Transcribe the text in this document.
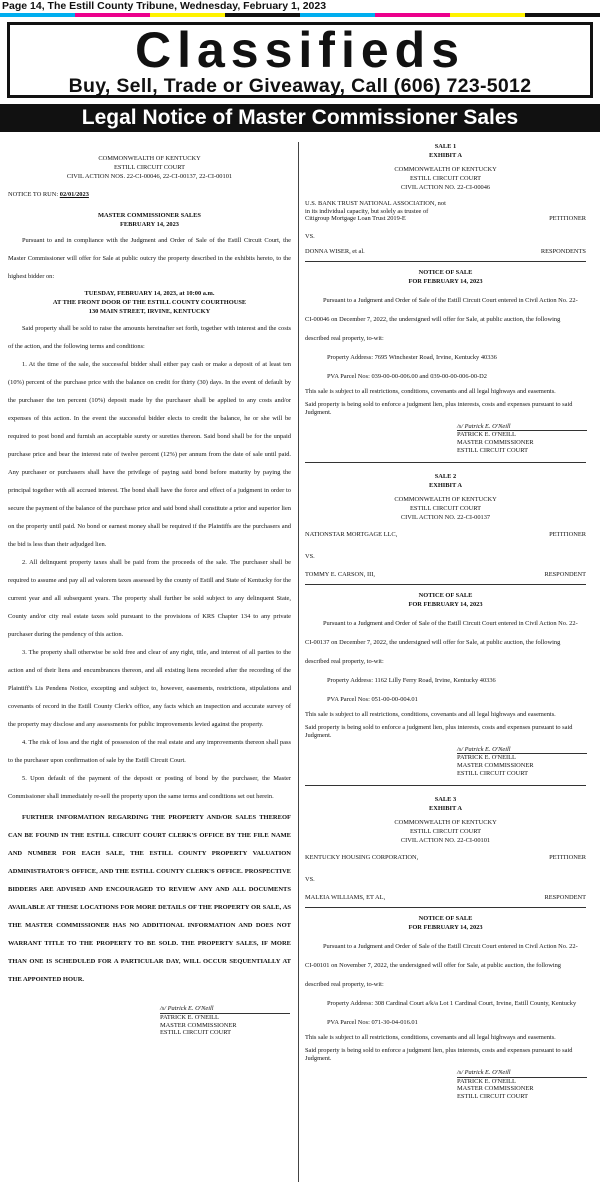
Page 14, The Estill County Tribune, Wednesday, February 1, 2023
Classifieds
Buy, Sell, Trade or Giveaway, Call (606) 723-5012
Legal Notice of Master Commissioner Sales
COMMONWEALTH OF KENTUCKY
ESTILL CIRCUIT COURT
CIVIL ACTION NOS. 22-CI-00046, 22-CI-00137, 22-CI-00101
NOTICE TO RUN: 02/01/2023
MASTER COMMISSIONER SALES
FEBRUARY 14, 2023
Pursuant to and in compliance with the Judgment and Order of Sale of the Estill Circuit Court, the Master Commissioner will offer for Sale at public outcry the property described in the exhibits hereto, to the highest bidder on:
TUESDAY, FEBRUARY 14, 2023, at 10:00 a.m.
AT THE FRONT DOOR OF THE ESTILL COUNTY COURTHOUSE
130 MAIN STREET, IRVINE, KENTUCKY
Said property shall be sold to raise the amounts hereinafter set forth, together with interest and the costs of the action, and the following terms and conditions:
1. At the time of the sale, the successful bidder shall either pay cash or make a deposit of at least ten (10%) percent of the purchase price with the balance on credit for thirty (30) days. In the event of default by the purchaser the ten percent (10%) deposit made by the purchaser shall be applied to any costs and/or expenses of this action. In the event the successful bidder elects to credit the balance, he or she will be required to post bond and furnish an acceptable surety or sureties thereon. Said bond shall be for the unpaid purchase price and bear the interest rate of twelve percent (12%) per annum from the date of sale until paid. Any purchaser or purchasers shall have the privilege of paying said bond before maturity by paying the principal together with all accrued interest. The bond shall have the force and effect of a judgment in order to secure the payment of the balance of the purchase price and said bond shall constitute a prior and superior lien on the property until paid. No bond or earnest money shall be required if the Plaintiffs are the purchasers and the bid is less than their adjudged lien.
2. All delinquent property taxes shall be paid from the proceeds of the sale. The purchaser shall be required to assume and pay all ad valorem taxes assessed by the county of Estill and State of Kentucky for the current year and all subsequent years. The property shall further be sold subject to any delinquent State, County and/or city real estate taxes sold pursuant to the provisions of KRS Chapter 134 to any private purchaser during the pendency of this action.
3. The property shall otherwise be sold free and clear of any right, title, and interest of all parties to the action and of their liens and encumbrances thereon, and all existing liens recorded after the recording of the Plaintiff's Lis Pendens Notice, excepting and subject to, however, easements, restrictions, stipulations and covenants of record in the Estill County Clerk's office, any facts which an inspection and accurate survey of the property may disclose and any assessments for public improvements levied against the property.
4. The risk of loss and the right of possession of the real estate and any improvements thereon shall pass to the purchaser upon confirmation of sale by the Estill Circuit Court.
5. Upon default of the payment of the deposit or posting of bond by the purchaser, the Master Commissioner shall immediately re-sell the property upon the same terms and conditions set out herein.
FURTHER INFORMATION REGARDING THE PROPERTY AND/OR SALES THEREOF CAN BE FOUND IN THE ESTILL CIRCUIT COURT CLERK'S OFFICE BY THE FILE NAME AND NUMBER FOR EACH SALE, THE ESTILL COUNTY PROPERTY VALUATION ADMINISTRATOR'S OFFICE, AND THE ESTILL COUNTY CLERK'S OFFICE. PROSPECTIVE BIDDERS ARE ADVISED AND ENCOURAGED TO REVIEW ANY AND ALL DOCUMENTS AVAILABLE AT THESE LOCATIONS FOR MORE DETAILS OF THE PROPERTY OR SALE, AS THE MASTER COMMISSIONER HAS NO ADDITIONAL INFORMATION AND DOES NOT WARRANT TITLE TO THE PROPERTY TO BE SOLD. THE PROPERTY SALES, IF MORE THAN ONE IS SCHEDULED FOR A PARTICULAR DAY, WILL OCCUR SEQUENTIALLY AT THE APPOINTED HOUR.
/s/ Patrick E. O'Neill
PATRICK E. O'NEILL
MASTER COMMISSIONER
ESTILL CIRCUIT COURT
SALE 1
EXHIBIT A
COMMONWEALTH OF KENTUCKY
ESTILL CIRCUIT COURT
CIVIL ACTION NO. 22-CI-00046
U.S. BANK TRUST NATIONAL ASSOCIATION, not
in its individual capacity, but solely as trustee of
Citigroup Mortgage Loan Trust 2019-E	PETITIONER
VS.
DONNA WISER, et al.	RESPONDENTS
NOTICE OF SALE
FOR FEBRUARY 14, 2023
Pursuant to a Judgment and Order of Sale of the Estill Circuit Court entered in Civil Action No. 22-CI-00046 on December 7, 2022, the undersigned will offer for Sale, at public auction, the following described real property, to-wit:
Property Address: 7695 Winchester Road, Irvine, Kentucky 40336
PVA Parcel Nos: 039-00-00-006.00 and 039-00-00-006-00-D2
This sale is subject to all restrictions, conditions, covenants and all legal highways and easements.
Said property is being sold to enforce a judgment lien, plus interests, costs and expenses pursuant to said Judgment.
/s/ Patrick E. O'Neill
PATRICK E. O'NEILL
MASTER COMMISSIONER
ESTILL CIRCUIT COURT
SALE 2
EXHIBIT A
COMMONWEALTH OF KENTUCKY
ESTILL CIRCUIT COURT
CIVIL ACTION NO. 22-CI-00137
NATIONSTAR MORTGAGE LLC,	PETITIONER
VS.
TOMMY E. CARSON, III,	RESPONDENT
NOTICE OF SALE
FOR FEBRUARY 14, 2023
Pursuant to a Judgment and Order of Sale of the Estill Circuit Court entered in Civil Action No. 22-CI-00137 on December 7, 2022, the undersigned will offer for Sale, at public auction, the following described real property, to-wit:
Property Address: 1162 Lilly Ferry Road, Irvine, Kentucky 40336
PVA Parcel Nos: 051-00-00-004.01
This sale is subject to all restrictions, conditions, covenants and all legal highways and easements.
Said property is being sold to enforce a judgment lien, plus interests, costs and expenses pursuant to said Judgment.
/s/ Patrick E. O'Neill
PATRICK E. O'NEILL
MASTER COMMISSIONER
ESTILL CIRCUIT COURT
SALE 3
EXHIBIT A
COMMONWEALTH OF KENTUCKY
ESTILL CIRCUIT COURT
CIVIL ACTION NO. 22-CI-00101
KENTUCKY HOUSING CORPORATION,	PETITIONER
VS.
MALEIA WILLIAMS, ET AL,	RESPONDENT
NOTICE OF SALE
FOR FEBRUARY 14, 2023
Pursuant to a Judgment and Order of Sale of the Estill Circuit Court entered in Civil Action No. 22-CI-00101 on November 7, 2022, the undersigned will offer for Sale, at public auction, the following described real property, to-wit:
Property Address: 308 Cardinal Court a/k/a Lot 1 Cardinal Court, Irvine, Estill County, Kentucky
PVA Parcel Nos: 071-30-04-016.01
This sale is subject to all restrictions, conditions, covenants and all legal highways and easements.
Said property is being sold to enforce a judgment lien, plus interests, costs and expenses pursuant to said Judgment.
/s/ Patrick E. O'Neill
PATRICK E. O'NEILL
MASTER COMMISSIONER
ESTILL CIRCUIT COURT
